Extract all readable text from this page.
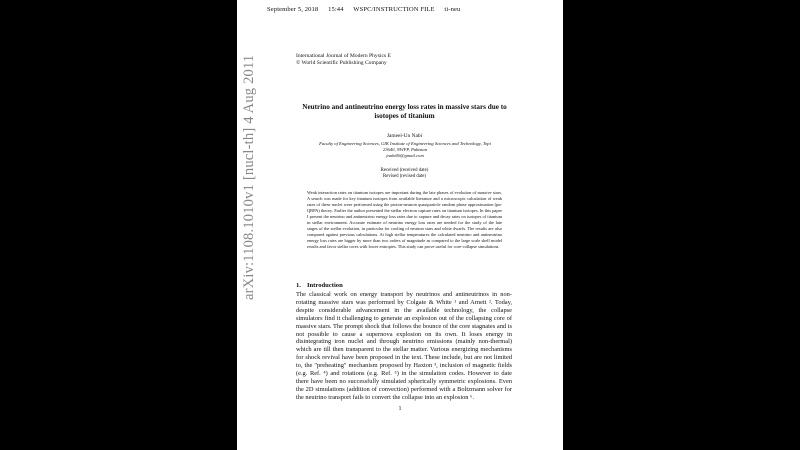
September 5, 2018 15:44 WSPC/INSTRUCTION FILE ti-neu
arXiv:1108.1010v1 [nucl-th] 4 Aug 2011	International Journal of Modern Physics E
© World Scientific Publishing Company
Neutrino and antineutrino energy loss rates in massive stars due to isotopes of titanium
Jameel-Un Nabi
Faculty of Engineering Sciences, GIK Institute of Engineering Sciences and Technology, Topi
23640, NWFP, Pakistan
jnabi00@gmail.com
Received (received date)
Revised (revised date)
Weak interaction rates on titanium isotopes are important during the late phases of evolution of massive stars. A search was made for key titanium isotopes from available literature and a microscopic calculation of weak rates of these nuclei were performed using the proton-neutron quasiparticle random phase approximation (pn-QRPA) theory. Earlier the author presented the stellar electron capture rates on titanium isotopes. In this paper I present the neutrino and antineutrino energy loss rates due to capture and decay rates on isotopes of titanium in stellar environment. Accurate estimate of neutrino energy loss rates are needed for the study of the late stages of the stellar evolution, in particular for cooling of neutron stars and white dwarfs. The results are also compared against previous calculations. At high stellar temperatures the calculated neutrino and antineutrino energy loss rates are bigger by more than two orders of magnitude as compared to the large scale shell model results and favor stellar cores with lower entropies. This study can prove useful for core-collapse simulations.
1. Introduction
The classical work on energy transport by neutrinos and antineutrinos in non-rotating massive stars was performed by Colgate & White ¹ and Arnett ². Today, despite considerable advancement in the available technology, the collapse simulators find it challenging to generate an explosion out of the collapsing core of massive stars. The prompt shock that follows the bounce of the core stagnates and is not possible to cause a supernova explosion on its own. It loses energy in disintegrating iron nuclei and through neutrino emissions (mainly non-thermal) which are till then transparent to the stellar matter. Various energizing mechanisms for shock revival have been proposed in the text. These include, but are not limited to, the "preheating" mechanism proposed by Haxton ³, inclusion of magnetic fields (e.g. Ref. ⁴) and rotations (e.g. Ref. ⁵) in the simulation codes. However to date there have been no successfully simulated spherically symmetric explosions. Even the 2D simulations (addition of convection) performed with a Boltzmann solver for the neutrino transport fails to convert the collapse into an explosion ⁶.
1
